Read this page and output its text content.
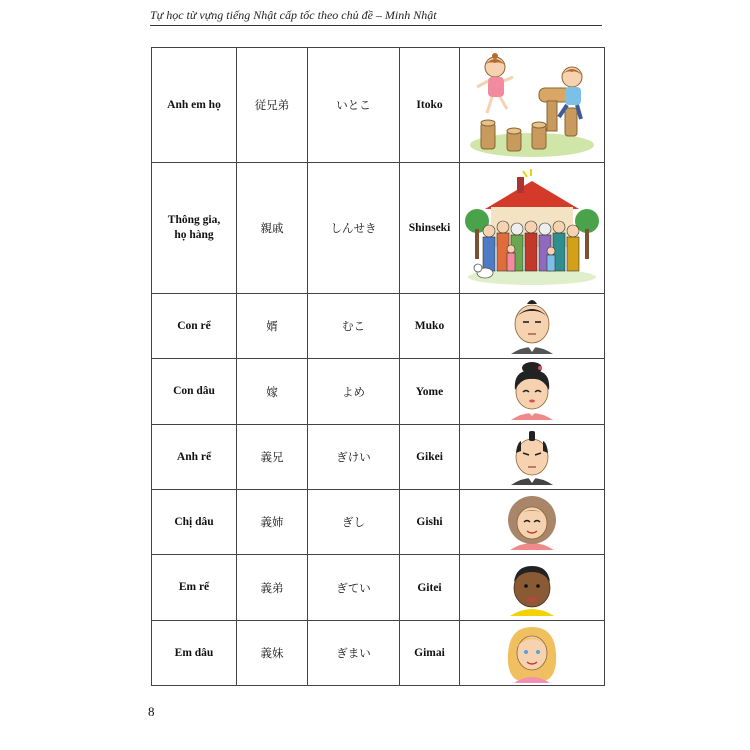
Tự học từ vựng tiếng Nhật cấp tốc theo chủ đề – Minh Nhật
Anh em họ	従兄弟	いとこ	Itoko	

Thông gia,
họ hàng	親戚	しんせき	Shinseki	

Con rể	婿	むこ	Muko	

Con dâu	嫁	よめ	Yome	

Anh rể	義兄	ぎけい	Gikei	

Chị dâu	義姉	ぎし	Gishi	

Em rể	義弟	ぎてい	Gitei	

Em dâu	義妹	ぎまい	Gimai	
8
